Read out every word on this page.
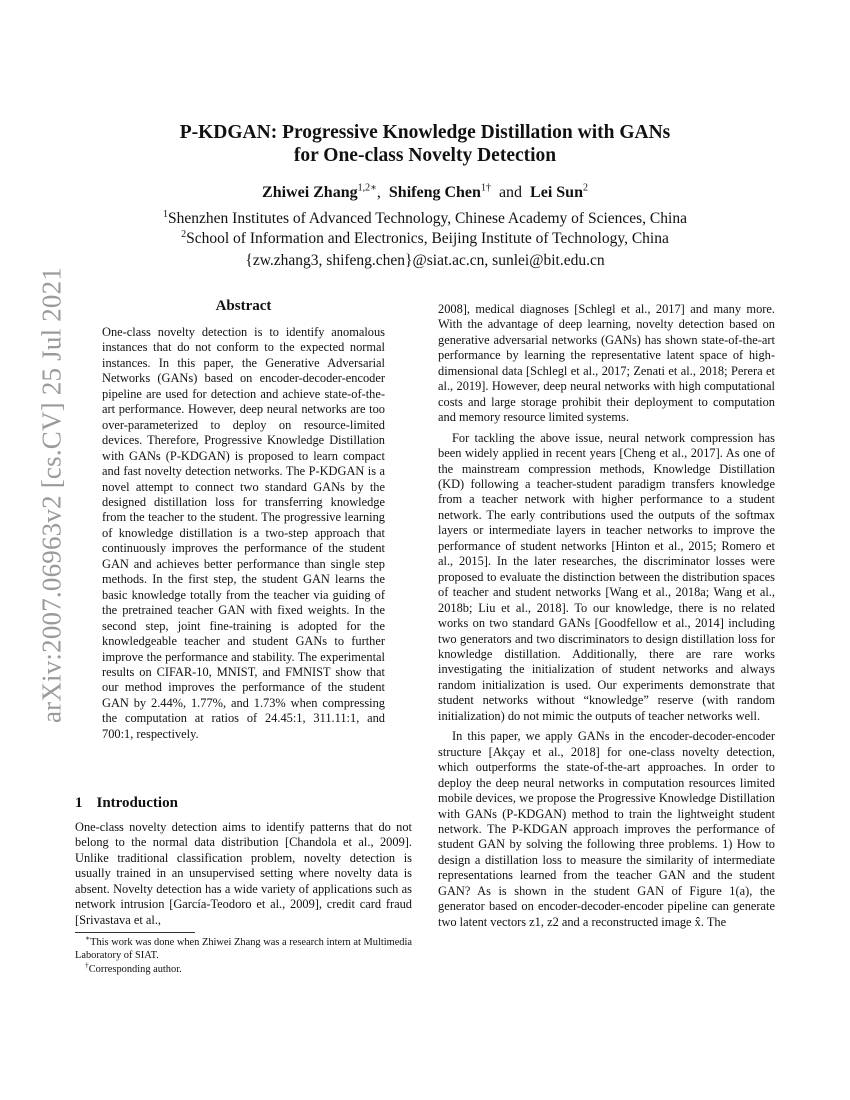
arXiv:2007.06963v2 [cs.CV] 25 Jul 2021
P-KDGAN: Progressive Knowledge Distillation with GANs
for One-class Novelty Detection
Zhiwei Zhang$^{1,2∗}$,  Shifeng Chen$^{1\dagger}$ and Lei Sun$^2$
$^1$Shenzhen Institutes of Advanced Technology, Chinese Academy of Sciences, China
$^2$School of Information and Electronics, Beijing Institute of Technology, China
{zw.zhang3, shifeng.chen}@siat.ac.cn, sunlei@bit.edu.cn
Abstract
One-class novelty detection is to identify anomalous instances that do not conform to the expected normal instances. In this paper, the Generative Adversarial Networks (GANs) based on encoder-decoder-encoder pipeline are used for detection and achieve state-of-the-art performance. However, deep neural networks are too over-parameterized to deploy on resource-limited devices. Therefore, Progressive Knowledge Distillation with GANs (P-KDGAN) is proposed to learn compact and fast novelty detection networks. The P-KDGAN is a novel attempt to connect two standard GANs by the designed distillation loss for transferring knowledge from the teacher to the student. The progressive learning of knowledge distillation is a two-step approach that continuously improves the performance of the student GAN and achieves better performance than single step methods. In the first step, the student GAN learns the basic knowledge totally from the teacher via guiding of the pretrained teacher GAN with fixed weights. In the second step, joint fine-training is adopted for the knowledgeable teacher and student GANs to further improve the performance and stability. The experimental results on CIFAR-10, MNIST, and FMNIST show that our method improves the performance of the student GAN by 2.44%, 1.77%, and 1.73% when compressing the computation at ratios of 24.45:1, 311.11:1, and 700:1, respectively.
1 Introduction
One-class novelty detection aims to identify patterns that do not belong to the normal data distribution [Chandola et al., 2009]. Unlike traditional classification problem, novelty detection is usually trained in an unsupervised setting where novelty data is absent. Novelty detection has a wide variety of applications such as network intrusion [García-Teodoro et al., 2009], credit card fraud [Srivastava et al.,

∗This work was done when Zhiwei Zhang was a research intern at Multimedia Laboratory of SIAT.

†Corresponding author.

2008], medical diagnoses [Schlegl et al., 2017] and many more. With the advantage of deep learning, novelty detection based on generative adversarial networks (GANs) has shown state-of-the-art performance by learning the representative latent space of high-dimensional data [Schlegl et al., 2017; Zenati et al., 2018; Perera et al., 2019]. However, deep neural networks with high computational costs and large storage prohibit their deployment to computation and memory resource limited systems.

For tackling the above issue, neural network compression has been widely applied in recent years [Cheng et al., 2017]. As one of the mainstream compression methods, Knowledge Distillation (KD) following a teacher-student paradigm transfers knowledge from a teacher network with higher performance to a student network. The early contributions used the outputs of the softmax layers or intermediate layers in teacher networks to improve the performance of student networks [Hinton et al., 2015; Romero et al., 2015]. In the later researches, the discriminator losses were proposed to evaluate the distinction between the distribution spaces of teacher and student networks [Wang et al., 2018a; Wang et al., 2018b; Liu et al., 2018]. To our knowledge, there is no related works on two standard GANs [Goodfellow et al., 2014] including two generators and two discriminators to design distillation loss for knowledge distillation. Additionally, there are rare works investigating the initialization of student networks and always random initialization is used. Our experiments demonstrate that student networks without “knowledge” reserve (with random initialization) do not mimic the outputs of teacher networks well.

In this paper, we apply GANs in the encoder-decoder-encoder structure [Akçay et al., 2018] for one-class novelty detection, which outperforms the state-of-the-art approaches. In order to deploy the deep neural networks in computation resources limited mobile devices, we propose the Progressive Knowledge Distillation with GANs (P-KDGAN) method to train the lightweight student network. The P-KDGAN approach improves the performance of student GAN by solving the following three problems. 1) How to design a distillation loss to measure the similarity of intermediate representations learned from the teacher GAN and the student GAN? As is shown in the student GAN of Figure 1(a), the generator based on encoder-decoder-encoder pipeline can generate two latent vectors z1, z2 and a reconstructed image x̂. The
